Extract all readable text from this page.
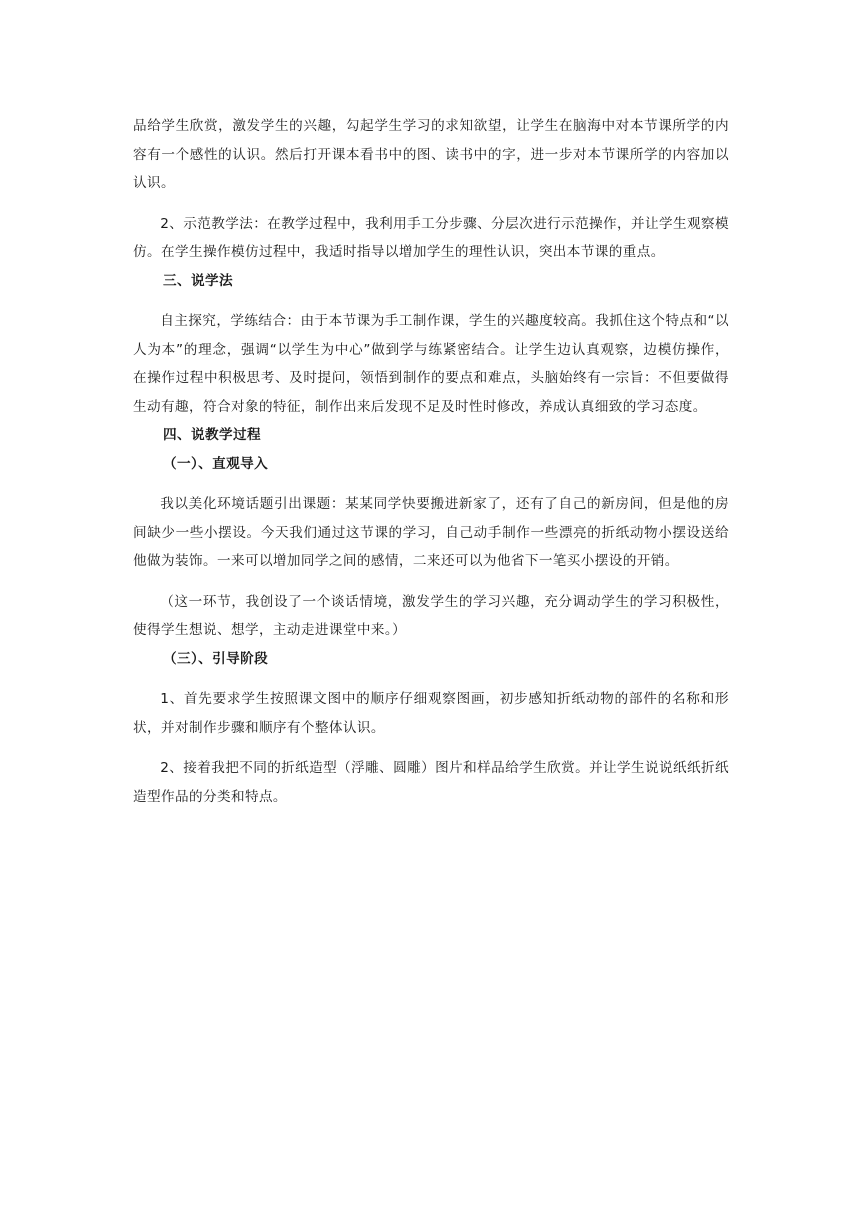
品给学生欣赏，激发学生的兴趣，勾起学生学习的求知欲望，让学生在脑海中对本节课所学的内容有一个感性的认识。然后打开课本看书中的图、读书中的字，进一步对本节课所学的内容加以认识。

2、示范教学法：在教学过程中，我利用手工分步骤、分层次进行示范操作，并让学生观察模仿。在学生操作模仿过程中，我适时指导以增加学生的理性认识，突出本节课的重点。

三、说学法

自主探究，学练结合：由于本节课为手工制作课，学生的兴趣度较高。我抓住这个特点和“以人为本”的理念，强调“以学生为中心”做到学与练紧密结合。让学生边认真观察，边模仿操作，在操作过程中积极思考、及时提问，领悟到制作的要点和难点，头脑始终有一宗旨：不但要做得生动有趣，符合对象的特征，制作出来后发现不足及时性时修改，养成认真细致的学习态度。

四、说教学过程

（一）、直观导入

我以美化环境话题引出课题：某某同学快要搬进新家了，还有了自己的新房间，但是他的房间缺少一些小摆设。今天我们通过这节课的学习，自己动手制作一些漂亮的折纸动物小摆设送给他做为装饰。一来可以增加同学之间的感情，二来还可以为他省下一笔买小摆设的开销。

（这一环节，我创设了一个谈话情境，激发学生的学习兴趣，充分调动学生的学习积极性，使得学生想说、想学，主动走进课堂中来。）

（三）、引导阶段

1、首先要求学生按照课文图中的顺序仔细观察图画，初步感知折纸动物的部件的名称和形状，并对制作步骤和顺序有个整体认识。

2、接着我把不同的折纸造型（浮雕、圆雕）图片和样品给学生欣赏。并让学生说说纸纸折纸造型作品的分类和特点。
